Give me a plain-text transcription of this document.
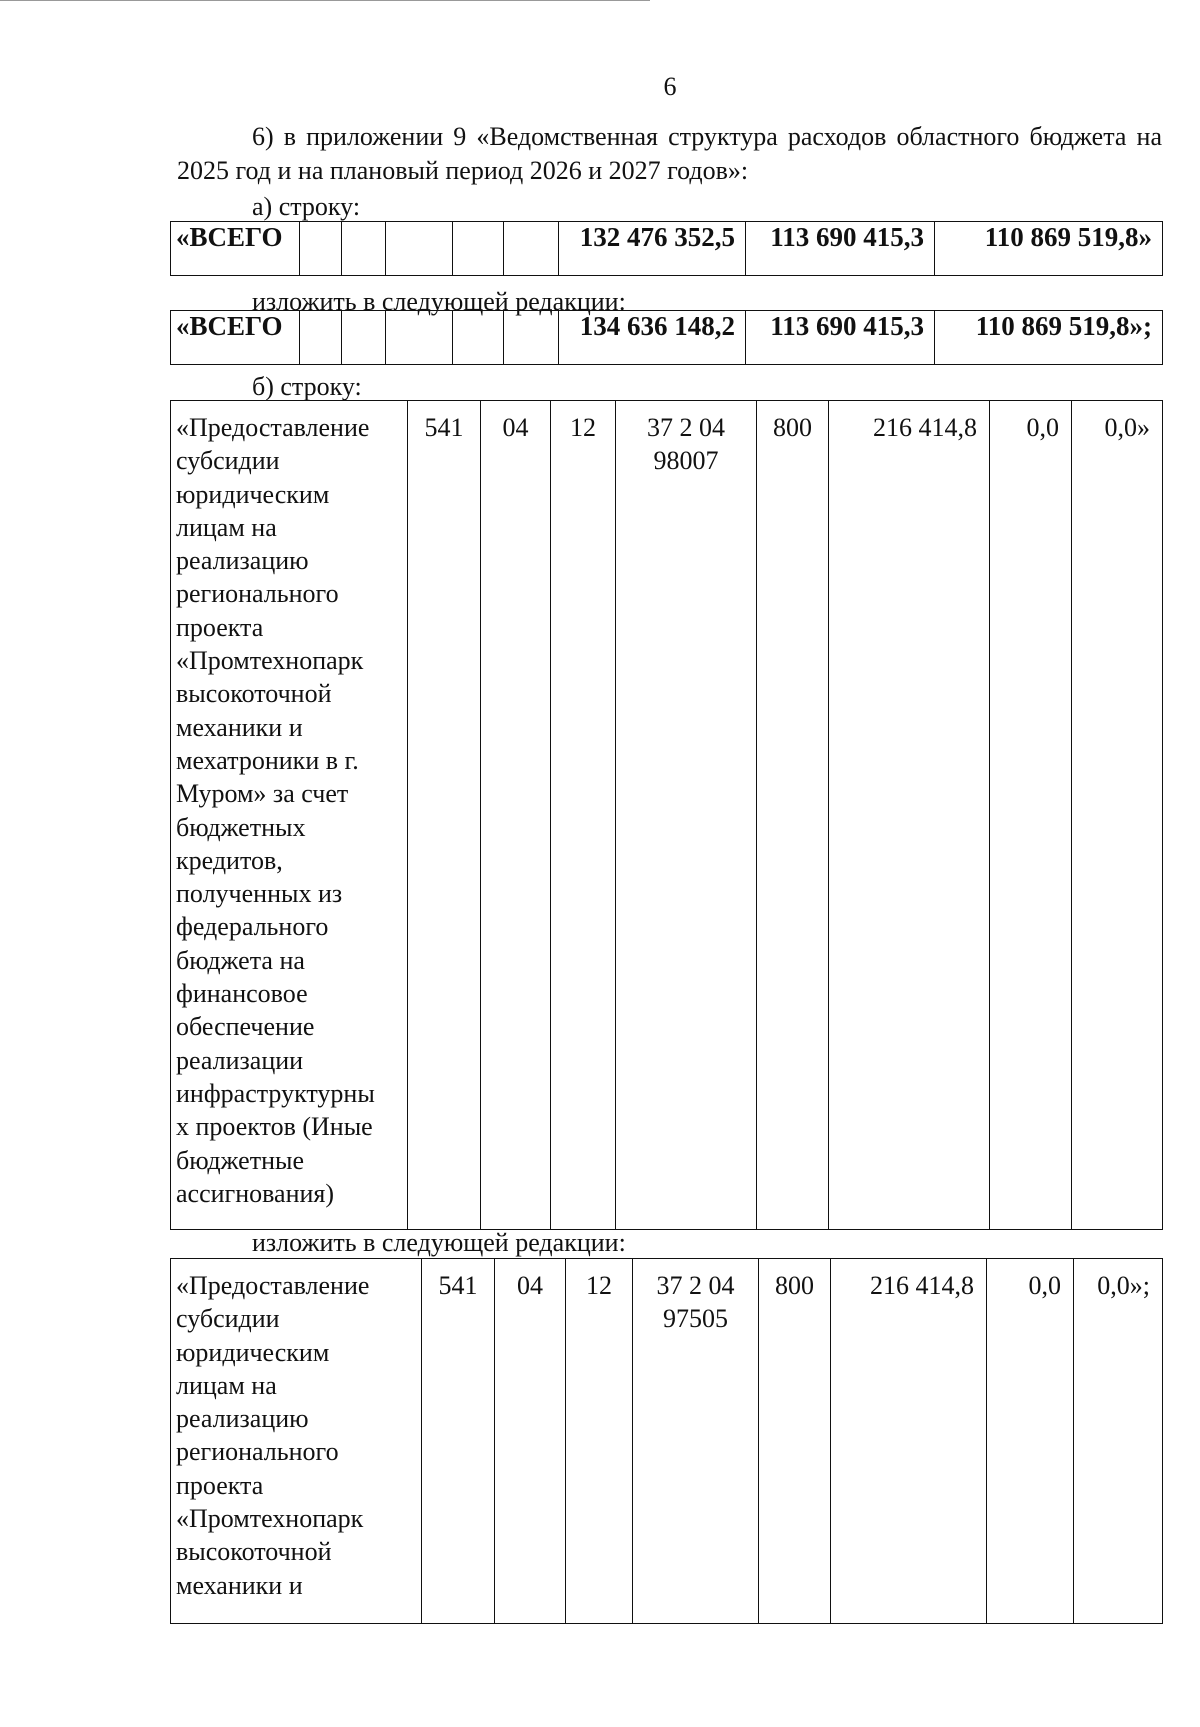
6
6) в приложении 9 «Ведомственная структура расходов областного бюджета на 2025 год и на плановый период 2026 и 2027 годов»:
а) строку:
«ВСЕГО						132 476 352,5	113 690 415,3	110 869 519,8»
изложить в следующей редакции:
«ВСЕГО						134 636 148,2	113 690 415,3	110 869 519,8»;
б) строку:
«Предоставление
субсидии
юридическим
лицам на
реализацию
регионального
проекта
«Промтехнопарк
высокоточной
механики и
мехатроники в г.
Муром» за счет
бюджетных
кредитов,
полученных из
федерального
бюджета на
финансовое
обеспечение
реализации
инфраструктурны
х проектов (Иные
бюджетные
ассигнования)
	541	04	12	37 2 04
98007
	800	216 414,8	0,0	0,0»
изложить в следующей редакции:
«Предоставление
субсидии
юридическим
лицам на
реализацию
регионального
проекта
«Промтехнопарк
высокоточной
механики и
	541	04	12	37 2 04
97505
	800	216 414,8	0,0	0,0»;
